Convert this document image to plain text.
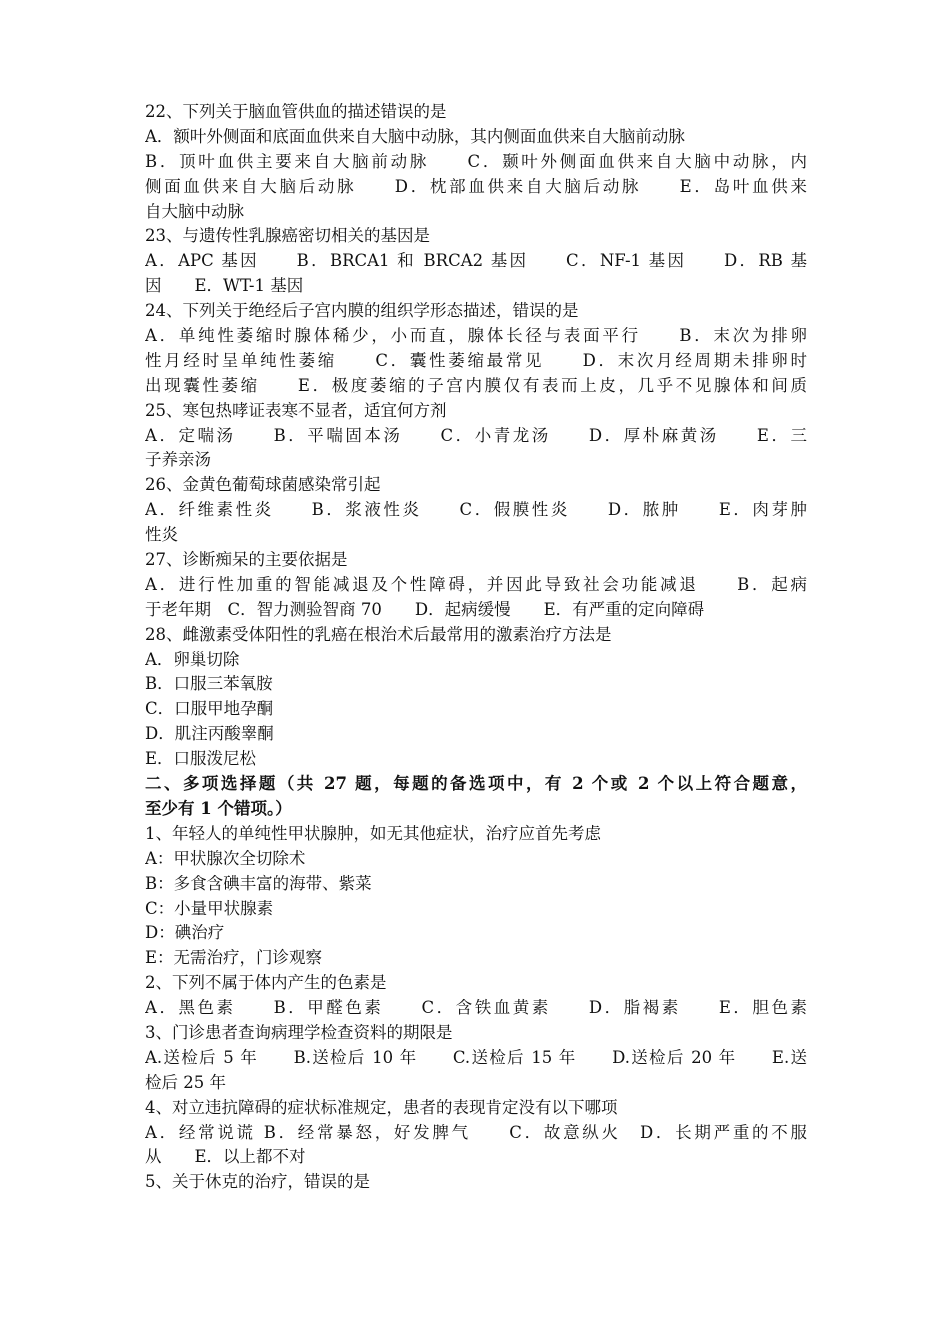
22、下列关于脑血管供血的描述错误的是
A．额叶外侧面和底面血供来自大脑中动脉，其内侧面血供来自大脑前动脉
B．顶叶血供主要来自大脑前动脉　　C．颞叶外侧面血供来自大脑中动脉，内
侧面血供来自大脑后动脉　　D．枕部血供来自大脑后动脉　　E．岛叶血供来
自大脑中动脉
23、与遗传性乳腺癌密切相关的基因是
A．APC 基因　　B．BRCA1 和 BRCA2 基因　　C．NF-1 基因　　D．RB 基
因　　E．WT-1 基因
24、下列关于绝经后子宫内膜的组织学形态描述，错误的是
A．单纯性萎缩时腺体稀少，小而直，腺体长径与表面平行　　B．末次为排卵
性月经时呈单纯性萎缩　　C．囊性萎缩最常见　　D．末次月经周期未排卵时
出现囊性萎缩　　E．极度萎缩的子宫内膜仅有表而上皮，几乎不见腺体和间质
25、寒包热哮证表寒不显者，适宜何方剂
A．定喘汤　　B．平喘固本汤　　C．小青龙汤　　D．厚朴麻黄汤　　E．三
子养亲汤
26、金黄色葡萄球菌感染常引起
A．纤维素性炎　　B．浆液性炎　　C．假膜性炎　　D．脓肿　　E．肉芽肿
性炎
27、诊断痴呆的主要依据是
A．进行性加重的智能减退及个性障碍，并因此导致社会功能减退　　B．起病
于老年期　C．智力测验智商 70　　D．起病缓慢　　E．有严重的定向障碍
28、雌激素受体阳性的乳癌在根治术后最常用的激素治疗方法是
A．卵巢切除
B．口服三苯氧胺
C．口服甲地孕酮
D．肌注丙酸睾酮
E．口服泼尼松
二、多项选择题（共 27 题，每题的备选项中，有 2 个或 2 个以上符合题意，
至少有 1 个错项。）
1、年轻人的单纯性甲状腺肿，如无其他症状，治疗应首先考虑
A：甲状腺次全切除术
B：多食含碘丰富的海带、紫菜
C：小量甲状腺素
D：碘治疗
E：无需治疗，门诊观察
2、下列不属于体内产生的色素是
A．黑色素　　B．甲醛色素　　C．含铁血黄素　　D．脂褐素　　E．胆色素
3、门诊患者查询病理学检查资料的期限是
A.送检后 5 年　　B.送检后 10 年　　C.送检后 15 年　　D.送检后 20 年　　E.送
检后 25 年
4、对立违抗障碍的症状标准规定，患者的表现肯定没有以下哪项
A．经常说谎 B．经常暴怒，好发脾气　　C．故意纵火　D．长期严重的不服
从　　E．以上都不对
5、关于休克的治疗，错误的是
